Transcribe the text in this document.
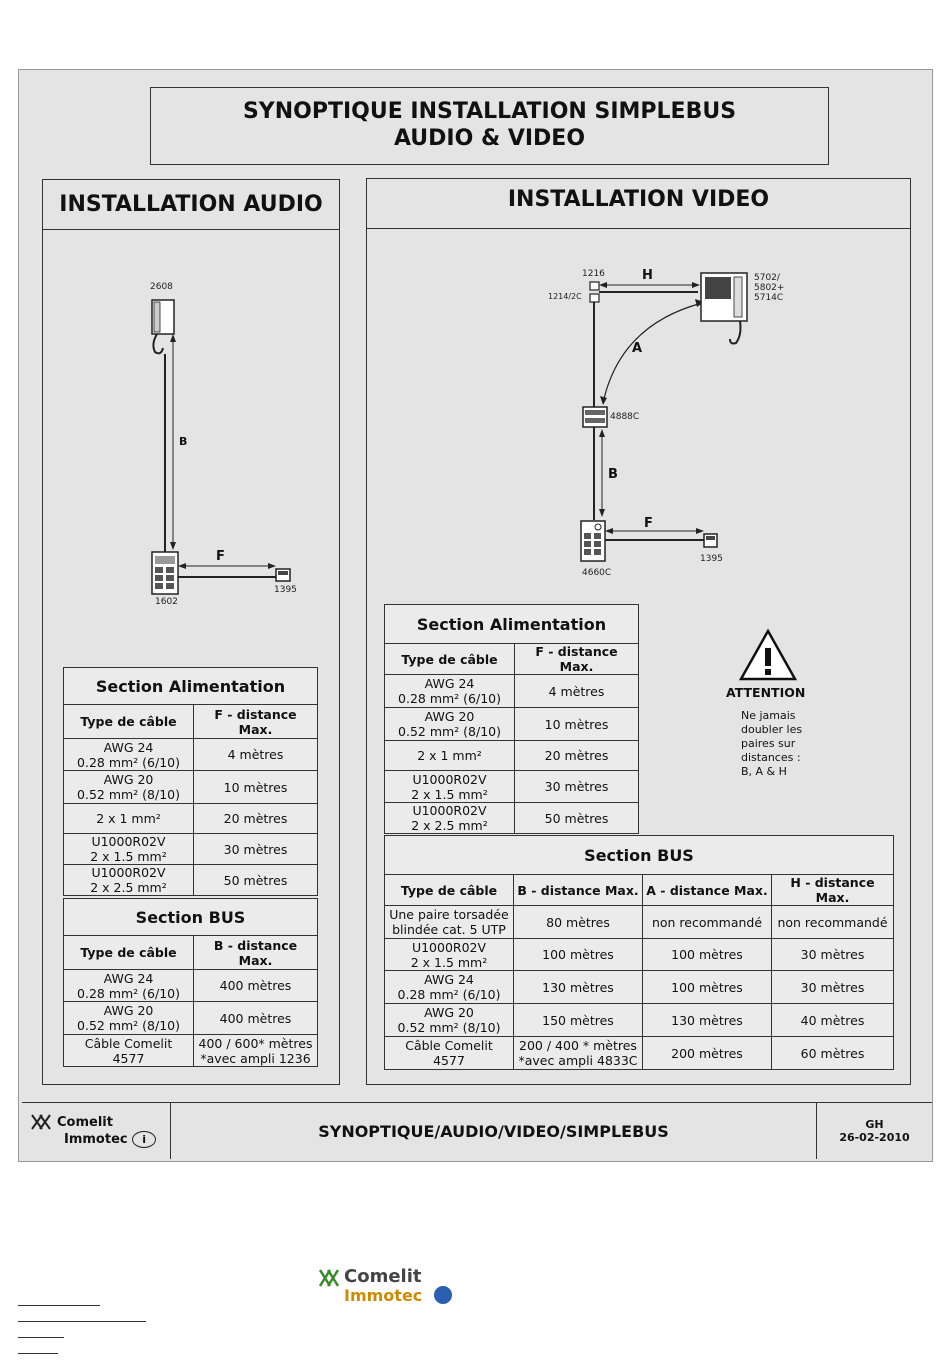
SYNOPTIQUE INSTALLATION SIMPLEBUS AUDIO & VIDEO
INSTALLATION AUDIO
2608
B
F
1602
1395
Section Alimentation	
Type de câble	F - distance Max.
AWG 24
0.28 mm² (6/10)	4 mètres
AWG 20
0.52 mm² (8/10)	10 mètres
2 x 1 mm²	20 mètres
U1000R02V
2 x 1.5 mm²	30 mètres
U1000R02V
2 x 2.5 mm²	50 mètres
Section BUS	
Type de câble	B - distance Max.
AWG 24
0.28 mm² (6/10)	400 mètres
AWG 20
0.52 mm² (8/10)	400 mètres
Câble Comelit
4577	400 / 600* mètres
*avec ampli 1236
INSTALLATION VIDEO
1216
1214/2C
H	5702/
5802+
5714C
A
4888C
B
F
4660C
1395
Section Alimentation	
Type de câble	F - distance Max.
AWG 24
0.28 mm² (6/10)	4 mètres
AWG 20
0.52 mm² (8/10)	10 mètres
2 x 1 mm²	20 mètres
U1000R02V
2 x 1.5 mm²	30 mètres
U1000R02V
2 x 2.5 mm²	50 mètres
ATTENTION
Ne jamais
doubler les
paires sur
distances :
B, A & H
Section BUS			
Type de câble	B - distance Max.	A - distance Max.	H - distance Max.
Une paire torsadée
blindée cat. 5 UTP	80 mètres	non recommandé	non recommandé
U1000R02V
2 x 1.5 mm²	100 mètres	100 mètres	30 mètres
AWG 24
0.28 mm² (6/10)	130 mètres	100 mètres	30 mètres
AWG 20
0.52 mm² (8/10)	150 mètres	130 mètres	40 mètres
Câble Comelit
4577	200 / 400 * mètres
*avec ampli 4833C	200 mètres	60 mètres
Comelit
Immotec i	SYNOPTIQUE/AUDIO/VIDEO/SIMPLEBUS	GH
26-02-2010
Comelit
Immotec
